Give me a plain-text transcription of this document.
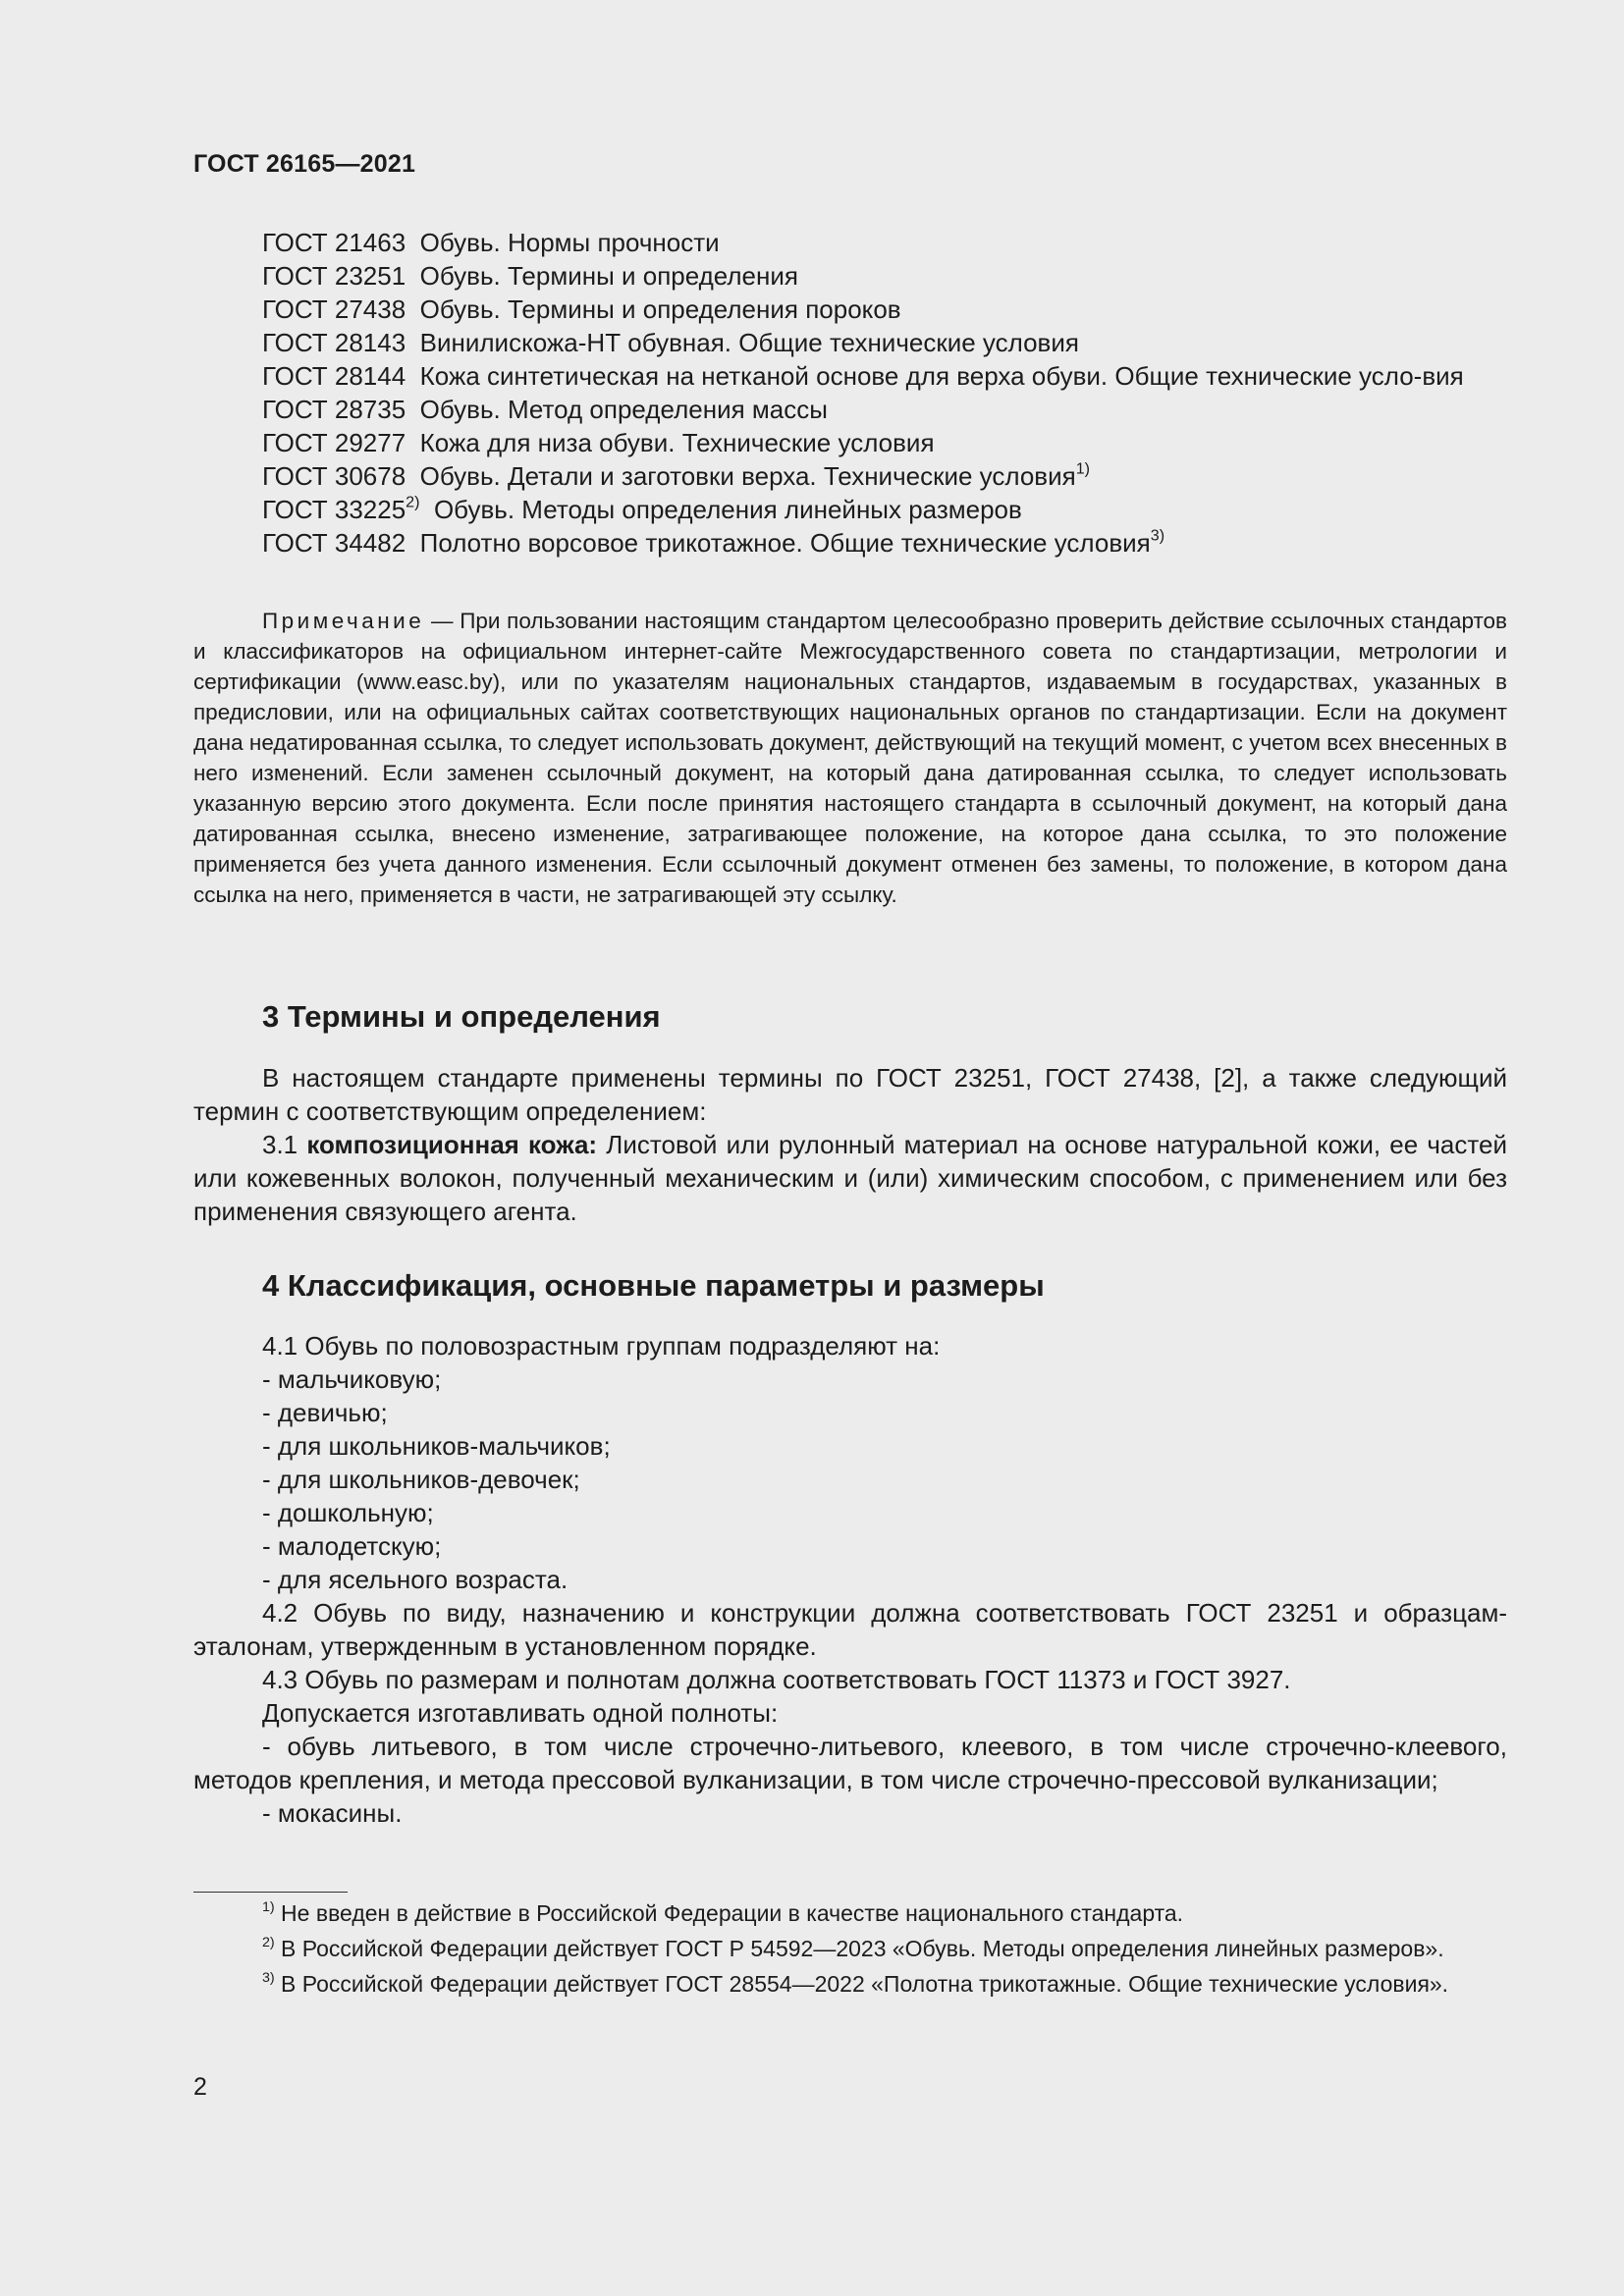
ГОСТ 26165—2021
ГОСТ 21463 Обувь. Нормы прочности
ГОСТ 23251 Обувь. Термины и определения
ГОСТ 27438 Обувь. Термины и определения пороков
ГОСТ 28143 Винилискожа-НТ обувная. Общие технические условия
ГОСТ 28144 Кожа синтетическая на нетканой основе для верха обуви. Общие технические усло-вия
ГОСТ 28735 Обувь. Метод определения массы
ГОСТ 29277 Кожа для низа обуви. Технические условия
ГОСТ 30678 Обувь. Детали и заготовки верха. Технические условия$^{1)}$
ГОСТ 33225$^{2)}$ Обувь. Методы определения линейных размеров
ГОСТ 34482 Полотно ворсовое трикотажное. Общие технические условия$^{3)}$
Примечание — При пользовании настоящим стандартом целесообразно проверить действие ссылочных стандартов и классификаторов на официальном интернет-сайте Межгосударственного совета по стандартизации, метрологии и сертификации (www.easc.by), или по указателям национальных стандартов, издаваемым в государствах, указанных в предисловии, или на официальных сайтах соответствующих национальных органов по стандартизации. Если на документ дана недатированная ссылка, то следует использовать документ, действующий на текущий момент, с учетом всех внесенных в него изменений. Если заменен ссылочный документ, на который дана датированная ссылка, то следует использовать указанную версию этого документа. Если после принятия настоящего стандарта в ссылочный документ, на который дана датированная ссылка, внесено изменение, затрагивающее положение, на которое дана ссылка, то это положение применяется без учета данного изменения. Если ссылочный документ отменен без замены, то положение, в котором дана ссылка на него, применяется в части, не затрагивающей эту ссылку.
3 Термины и определения
В настоящем стандарте применены термины по ГОСТ 23251, ГОСТ 27438, [2], а также следующий термин с соответствующим определением:
3.1 композиционная кожа: Листовой или рулонный материал на основе натуральной кожи, ее частей или кожевенных волокон, полученный механическим и (или) химическим способом, с применением или без применения связующего агента.
4 Классификация, основные параметры и размеры
4.1 Обувь по половозрастным группам подразделяют на:
- мальчиковую;
- девичью;
- для школьников-мальчиков;
- для школьников-девочек;
- дошкольную;
- малодетскую;
- для ясельного возраста.
4.2 Обувь по виду, назначению и конструкции должна соответствовать ГОСТ 23251 и образцам-эталонам, утвержденным в установленном порядке.
4.3 Обувь по размерам и полнотам должна соответствовать ГОСТ 11373 и ГОСТ 3927.
Допускается изготавливать одной полноты:
- обувь литьевого, в том числе строчечно-литьевого, клеевого, в том числе строчечно-клеевого, методов крепления, и метода прессовой вулканизации, в том числе строчечно-прессовой вулканизации;
- мокасины.
$^{1)}$ Не введен в действие в Российской Федерации в качестве национального стандарта.
$^{2)}$ В Российской Федерации действует ГОСТ Р 54592—2023 «Обувь. Методы определения линейных размеров».
$^{3)}$ В Российской Федерации действует ГОСТ 28554—2022 «Полотна трикотажные. Общие технические условия».
2
